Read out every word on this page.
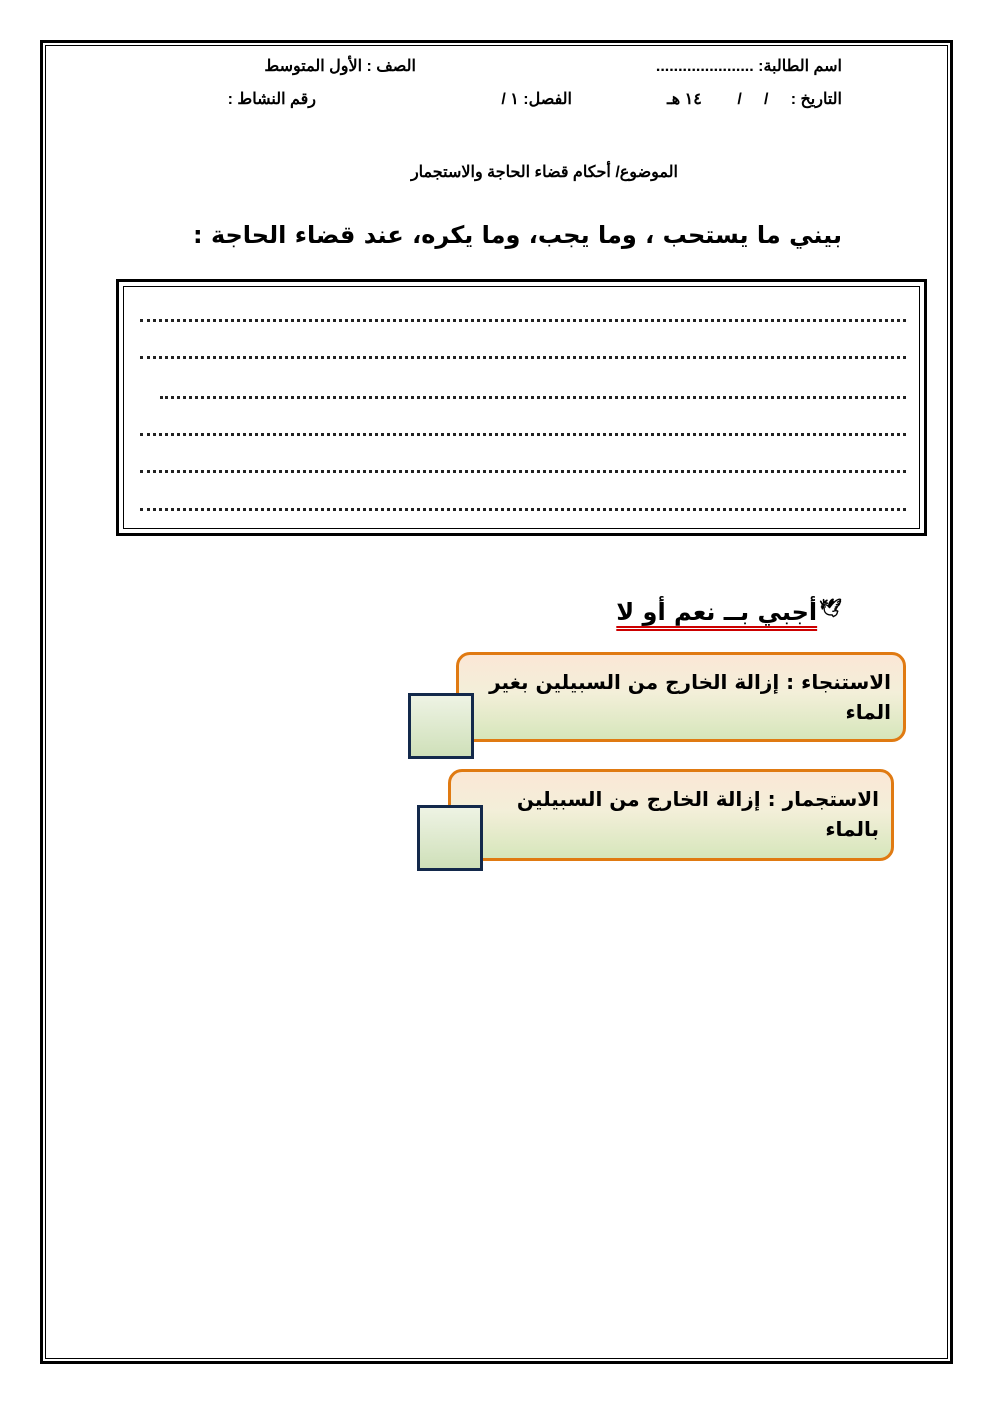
اسم الطالبة: ......................
الصف : الأول المتوسط
التاريخ :     /     /        ١٤ هـ
الفصل: ١ /
رقم النشاط :
الموضوع/ أحكام قضاء الحاجة والاستجمار
بيني ما يستحب ، وما يجب، وما يكره، عند قضاء الحاجة :
🕊أجبي بــ نعم أو لا
الاستنجاء : إزالة الخارج من السبيلين بغير الماء
الاستجمار : إزالة الخارج من السبيلين بالماء
